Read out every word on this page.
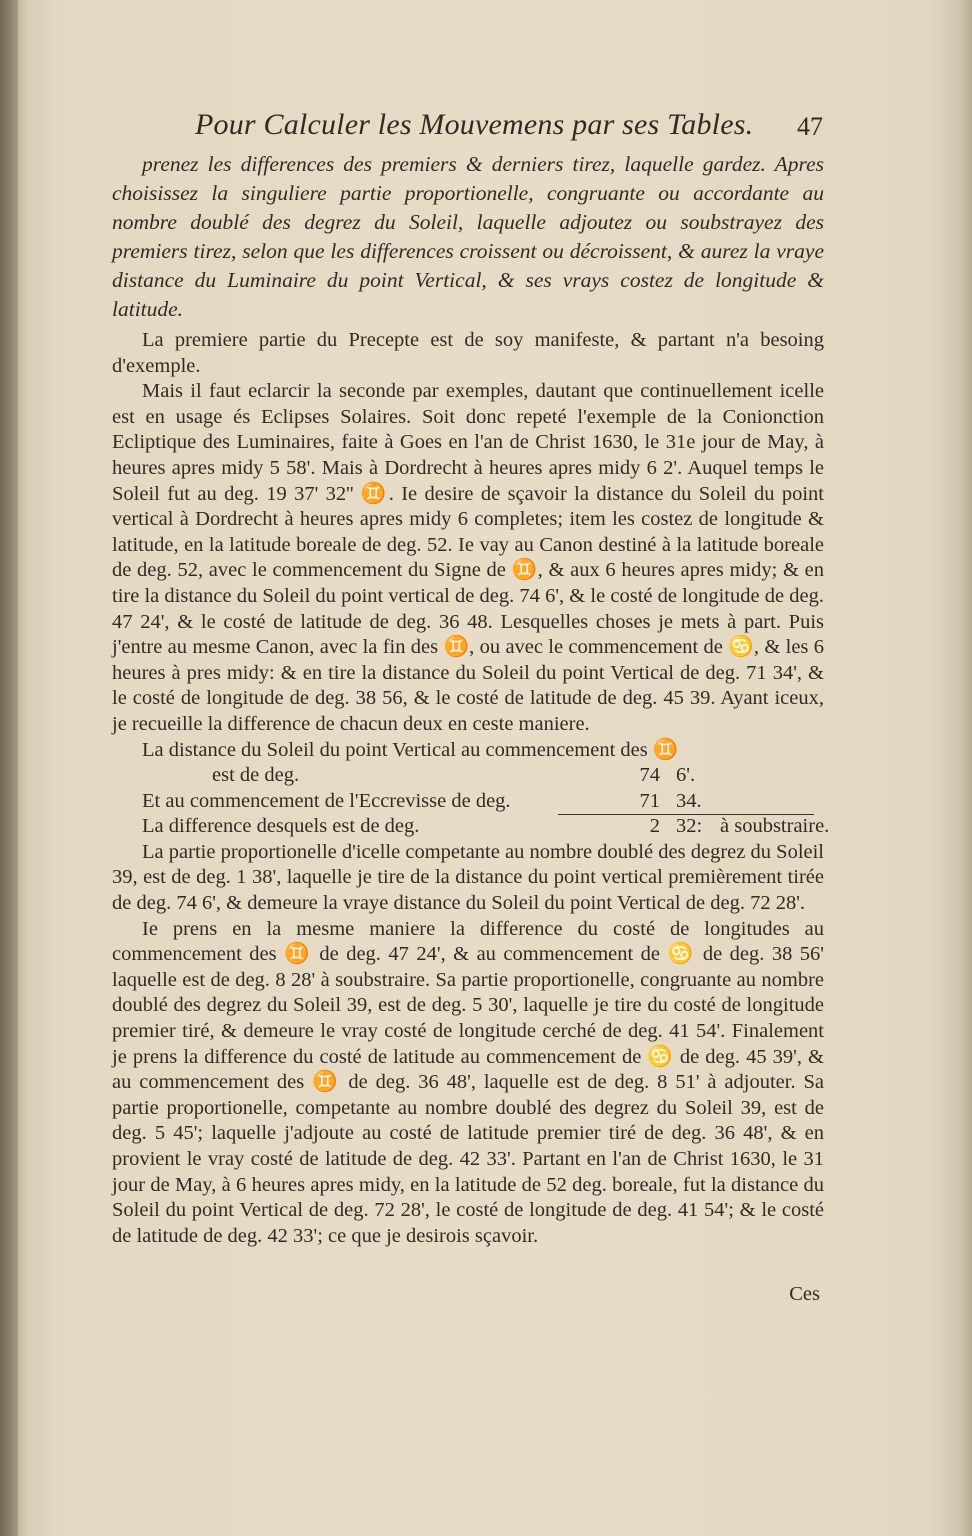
Pour Calculer les Mouvemens par ses Tables. 47

prenez les differences des premiers & derniers tirez, laquelle gardez. Apres choisissez la singuliere partie proportionelle, congruante ou accordante au nombre doublé des degrez du Soleil, laquelle adjoutez ou soubstrayez des premiers tirez, selon que les differences croissent ou décroissent, & aurez la vraye distance du Luminaire du point Vertical, & ses vrays costez de longitude & latitude.

La premiere partie du Precepte est de soy manifeste, & partant n'a besoing d'exemple.

Mais il faut eclarcir la seconde par exemples, dautant que continuellement icelle est en usage és Eclipses Solaires. Soit donc repeté l'exemple de la Conionction Ecliptique des Luminaires, faite à Goes en l'an de Christ 1630, le 31e jour de May, à heures apres midy 5 58'. Mais à Dordrecht à heures apres midy 6 2'. Auquel temps le Soleil fut au deg. 19 37' 32'' ♊. Ie desire de sçavoir la distance du Soleil du point vertical à Dordrecht à heures apres midy 6 completes; item les costez de longitude & latitude, en la latitude boreale de deg. 52. Ie vay au Canon destiné à la latitude boreale de deg. 52, avec le commencement du Signe de ♊, & aux 6 heures apres midy; & en tire la distance du Soleil du point vertical de deg. 74 6', & le costé de longitude de deg. 47 24', & le costé de latitude de deg. 36 48. Lesquelles choses je mets à part. Puis j'entre au mesme Canon, avec la fin des ♊, ou avec le commencement de ♋, & les 6 heures à pres midy: & en tire la distance du Soleil du point Vertical de deg. 71 34', & le costé de longitude de deg. 38 56, & le costé de latitude de deg. 45 39. Ayant iceux, je recueille la difference de chacun deux en ceste maniere.

La distance du Soleil du point Vertical au commencement des ♊
est de deg.	74 6'.
Et au commencement de l'Eccrevisse de deg.	71 34.
La difference desquels est de deg.	2 32: à soubstraire.

La partie proportionelle d'icelle competante au nombre doublé des degrez du Soleil 39, est de deg. 1 38', laquelle je tire de la distance du point vertical premièrement tirée de deg. 74 6', & demeure la vraye distance du Soleil du point Vertical de deg. 72 28'.

Ie prens en la mesme maniere la difference du costé de longitudes au commencement des ♊ de deg. 47 24', & au commencement de ♋ de deg. 38 56' laquelle est de deg. 8 28' à soubstraire. Sa partie proportionelle, congruante au nombre doublé des degrez du Soleil 39, est de deg. 5 30', laquelle je tire du costé de longitude premier tiré, & demeure le vray costé de longitude cerché de deg. 41 54'. Finalement je prens la difference du costé de latitude au commencement de ♋ de deg. 45 39', & au commencement des ♊ de deg. 36 48', laquelle est de deg. 8 51' à adjouter. Sa partie proportionelle, competante au nombre doublé des degrez du Soleil 39, est de deg. 5 45'; laquelle j'adjoute au costé de latitude premier tiré de deg. 36 48', & en provient le vray costé de latitude de deg. 42 33'. Partant en l'an de Christ 1630, le 31 jour de May, à 6 heures apres midy, en la latitude de 52 deg. boreale, fut la distance du Soleil du point Vertical de deg. 72 28', le costé de longitude de deg. 41 54'; & le costé de latitude de deg. 42 33'; ce que je desirois sçavoir.

Ces
